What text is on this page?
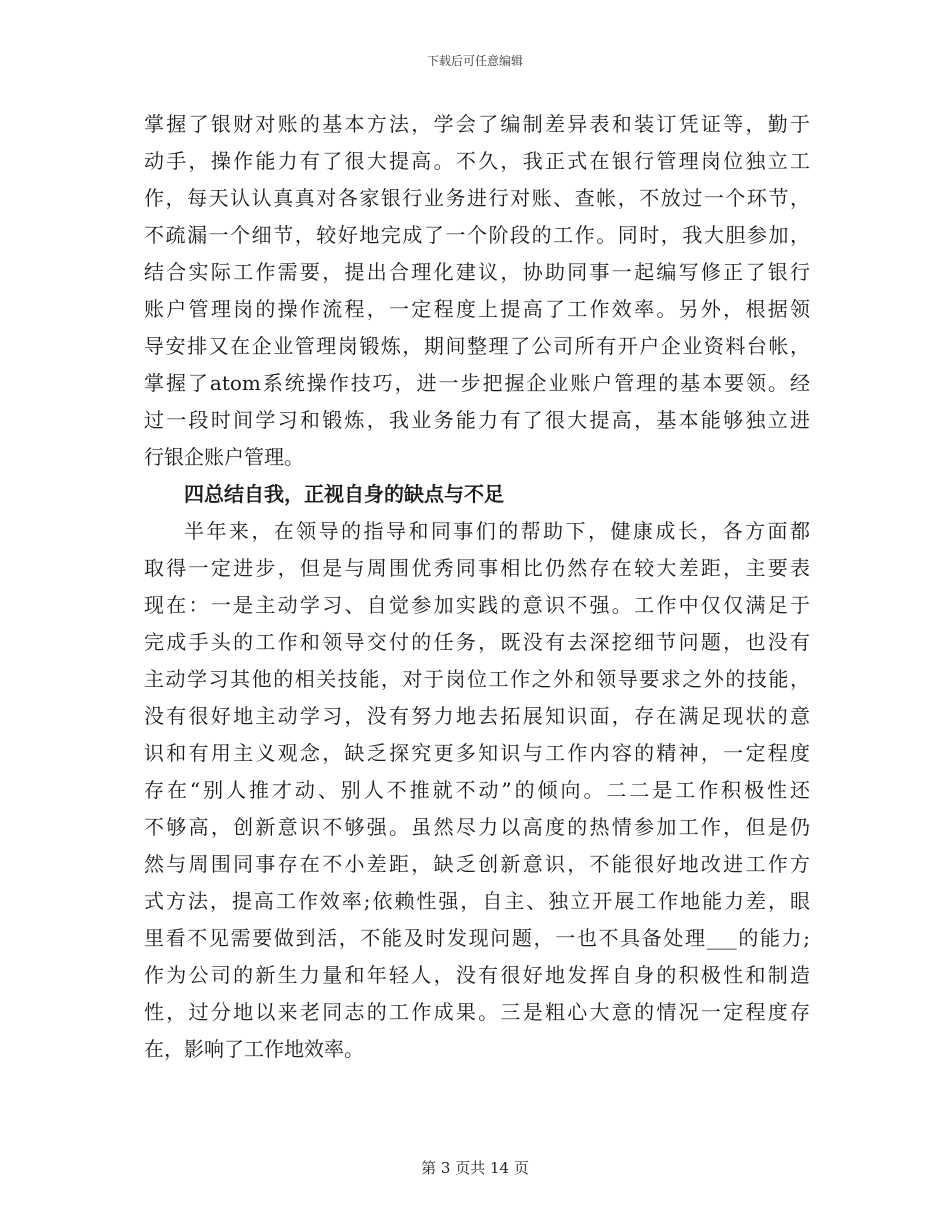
下载后可任意编辑
掌握了银财对账的基本方法，学会了编制差异表和装订凭证等，勤于
动手，操作能力有了很大提高。不久，我正式在银行管理岗位独立工
作，每天认认真真对各家银行业务进行对账、查帐，不放过一个环节，
不疏漏一个细节，较好地完成了一个阶段的工作。同时，我大胆参加，
结合实际工作需要，提出合理化建议，协助同事一起编写修正了银行
账户管理岗的操作流程，一定程度上提高了工作效率。另外，根据领
导安排又在企业管理岗锻炼，期间整理了公司所有开户企业资料台帐，
掌握了atom系统操作技巧，进一步把握企业账户管理的基本要领。经
过一段时间学习和锻炼，我业务能力有了很大提高，基本能够独立进
行银企账户管理。
四总结自我，正视自身的缺点与不足
半年来，在领导的指导和同事们的帮助下，健康成长，各方面都
取得一定进步，但是与周围优秀同事相比仍然存在较大差距，主要表
现在：一是主动学习、自觉参加实践的意识不强。工作中仅仅满足于
完成手头的工作和领导交付的任务，既没有去深挖细节问题，也没有
主动学习其他的相关技能，对于岗位工作之外和领导要求之外的技能，
没有很好地主动学习，没有努力地去拓展知识面，存在满足现状的意
识和有用主义观念，缺乏探究更多知识与工作内容的精神，一定程度
存在“别人推才动、别人不推就不动”的倾向。二二是工作积极性还
不够高，创新意识不够强。虽然尽力以高度的热情参加工作，但是仍
然与周围同事存在不小差距，缺乏创新意识，不能很好地改进工作方
式方法，提高工作效率;依赖性强，自主、独立开展工作地能力差，眼
里看不见需要做到活，不能及时发现问题，一也不具备处理___的能力;
作为公司的新生力量和年轻人，没有很好地发挥自身的积极性和制造
性，过分地以来老同志的工作成果。三是粗心大意的情况一定程度存
在，影响了工作地效率。
第 3 页共 14 页
